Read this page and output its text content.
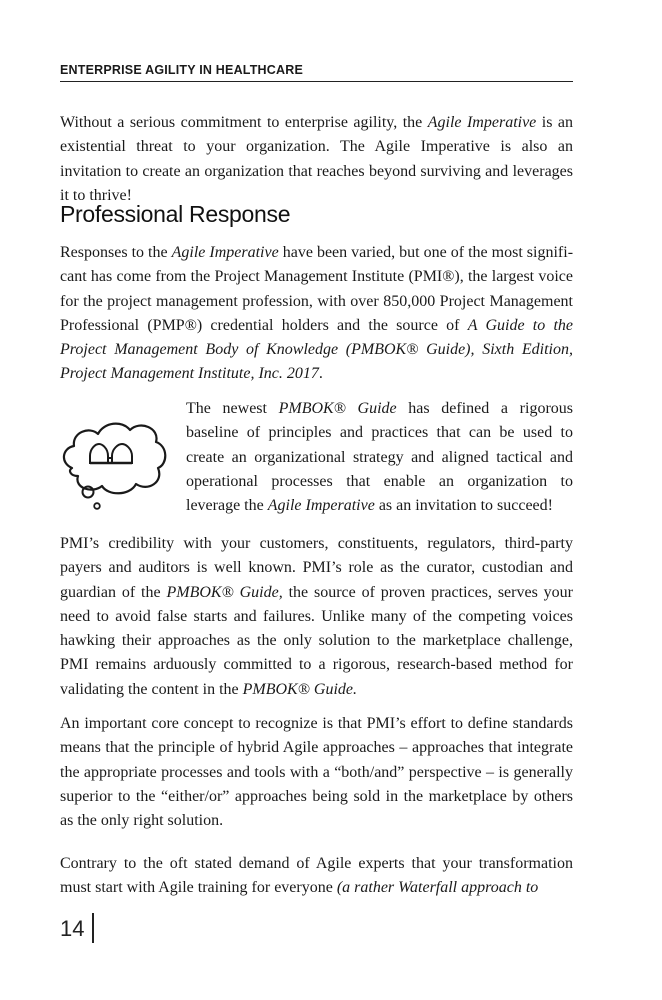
ENTERPRISE AGILITY IN HEALTHCARE

Without a serious commitment to enterprise agility, the Agile Imperative is an existential threat to your organization. The Agile Imperative is also an invitation to create an organization that reaches beyond surviving and leverages it to thrive!

Professional Response

Responses to the Agile Imperative have been varied, but one of the most significant has come from the Project Management Institute (PMI®), the largest voice for the project management profession, with over 850,000 Project Management Professional (PMP®) credential holders and the source of A Guide to the Project Management Body of Knowledge (PMBOK® Guide), Sixth Edition, Project Management Institute, Inc. 2017.

The newest PMBOK® Guide has defined a rigorous baseline of principles and practices that can be used to create an organizational strategy and aligned tactical and operational processes that enable an organization to leverage the Agile Imperative as an invitation to succeed!

PMI’s credibility with your customers, constituents, regulators, third-party payers and auditors is well known. PMI’s role as the curator, custodian and guardian of the PMBOK® Guide, the source of proven practices, serves your need to avoid false starts and failures. Unlike many of the competing voices hawking their approaches as the only solution to the marketplace challenge, PMI remains arduously committed to a rigorous, research-based method for validating the content in the PMBOK® Guide.

An important core concept to recognize is that PMI’s effort to define standards means that the principle of hybrid Agile approaches – approaches that integrate the appropriate processes and tools with a “both/and” perspective – is generally superior to the “either/or” approaches being sold in the marketplace by others as the only right solution.

Contrary to the oft stated demand of Agile experts that your transformation must start with Agile training for everyone (a rather Waterfall approach to

14
